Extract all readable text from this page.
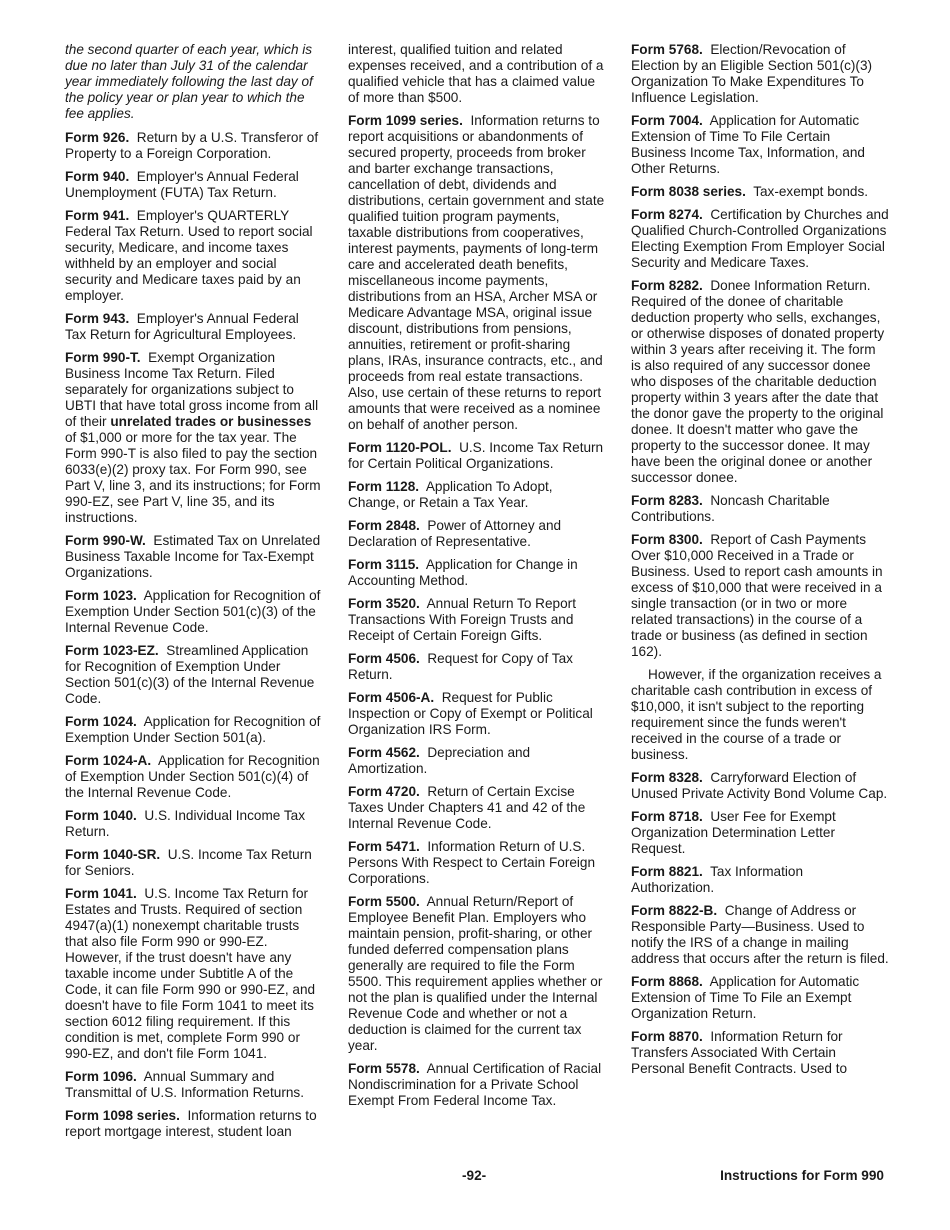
the second quarter of each year, which is due no later than July 31 of the calendar year immediately following the last day of the policy year or plan year to which the fee applies.

Form 926. Return by a U.S. Transferor of Property to a Foreign Corporation.

Form 940. Employer's Annual Federal Unemployment (FUTA) Tax Return.

Form 941. Employer's QUARTERLY Federal Tax Return. Used to report social security, Medicare, and income taxes withheld by an employer and social security and Medicare taxes paid by an employer.

Form 943. Employer's Annual Federal Tax Return for Agricultural Employees.

Form 990-T. Exempt Organization Business Income Tax Return. Filed separately for organizations subject to UBTI that have total gross income from all of their unrelated trades or businesses of $1,000 or more for the tax year. The Form 990-T is also filed to pay the section 6033(e)(2) proxy tax. For Form 990, see Part V, line 3, and its instructions; for Form 990-EZ, see Part V, line 35, and its instructions.

Form 990-W. Estimated Tax on Unrelated Business Taxable Income for Tax-Exempt Organizations.

Form 1023. Application for Recognition of Exemption Under Section 501(c)(3) of the Internal Revenue Code.

Form 1023-EZ. Streamlined Application for Recognition of Exemption Under Section 501(c)(3) of the Internal Revenue Code.

Form 1024. Application for Recognition of Exemption Under Section 501(a).

Form 1024-A. Application for Recognition of Exemption Under Section 501(c)(4) of the Internal Revenue Code.

Form 1040. U.S. Individual Income Tax Return.

Form 1040-SR. U.S. Income Tax Return for Seniors.

Form 1041. U.S. Income Tax Return for Estates and Trusts. Required of section 4947(a)(1) nonexempt charitable trusts that also file Form 990 or 990-EZ. However, if the trust doesn't have any taxable income under Subtitle A of the Code, it can file Form 990 or 990-EZ, and doesn't have to file Form 1041 to meet its section 6012 filing requirement. If this condition is met, complete Form 990 or 990-EZ, and don't file Form 1041.

Form 1096. Annual Summary and Transmittal of U.S. Information Returns.

Form 1098 series. Information returns to report mortgage interest, student loan

interest, qualified tuition and related expenses received, and a contribution of a qualified vehicle that has a claimed value of more than $500.

Form 1099 series. Information returns to report acquisitions or abandonments of secured property, proceeds from broker and barter exchange transactions, cancellation of debt, dividends and distributions, certain government and state qualified tuition program payments, taxable distributions from cooperatives, interest payments, payments of long-term care and accelerated death benefits, miscellaneous income payments, distributions from an HSA, Archer MSA or Medicare Advantage MSA, original issue discount, distributions from pensions, annuities, retirement or profit-sharing plans, IRAs, insurance contracts, etc., and proceeds from real estate transactions. Also, use certain of these returns to report amounts that were received as a nominee on behalf of another person.

Form 1120-POL. U.S. Income Tax Return for Certain Political Organizations.

Form 1128. Application To Adopt, Change, or Retain a Tax Year.

Form 2848. Power of Attorney and Declaration of Representative.

Form 3115. Application for Change in Accounting Method.

Form 3520. Annual Return To Report Transactions With Foreign Trusts and Receipt of Certain Foreign Gifts.

Form 4506. Request for Copy of Tax Return.

Form 4506-A. Request for Public Inspection or Copy of Exempt or Political Organization IRS Form.

Form 4562. Depreciation and Amortization.

Form 4720. Return of Certain Excise Taxes Under Chapters 41 and 42 of the Internal Revenue Code.

Form 5471. Information Return of U.S. Persons With Respect to Certain Foreign Corporations.

Form 5500. Annual Return/Report of Employee Benefit Plan. Employers who maintain pension, profit-sharing, or other funded deferred compensation plans generally are required to file the Form 5500. This requirement applies whether or not the plan is qualified under the Internal Revenue Code and whether or not a deduction is claimed for the current tax year.

Form 5578. Annual Certification of Racial Nondiscrimination for a Private School Exempt From Federal Income Tax.

Form 5768. Election/Revocation of Election by an Eligible Section 501(c)(3) Organization To Make Expenditures To Influence Legislation.

Form 7004. Application for Automatic Extension of Time To File Certain Business Income Tax, Information, and Other Returns.

Form 8038 series. Tax-exempt bonds.

Form 8274. Certification by Churches and Qualified Church-Controlled Organizations Electing Exemption From Employer Social Security and Medicare Taxes.

Form 8282. Donee Information Return. Required of the donee of charitable deduction property who sells, exchanges, or otherwise disposes of donated property within 3 years after receiving it. The form is also required of any successor donee who disposes of the charitable deduction property within 3 years after the date that the donor gave the property to the original donee. It doesn't matter who gave the property to the successor donee. It may have been the original donee or another successor donee.

Form 8283. Noncash Charitable Contributions.

Form 8300. Report of Cash Payments Over $10,000 Received in a Trade or Business. Used to report cash amounts in excess of $10,000 that were received in a single transaction (or in two or more related transactions) in the course of a trade or business (as defined in section 162).

However, if the organization receives a charitable cash contribution in excess of $10,000, it isn't subject to the reporting requirement since the funds weren't received in the course of a trade or business.

Form 8328. Carryforward Election of Unused Private Activity Bond Volume Cap.

Form 8718. User Fee for Exempt Organization Determination Letter Request.

Form 8821. Tax Information Authorization.

Form 8822-B. Change of Address or Responsible Party—Business. Used to notify the IRS of a change in mailing address that occurs after the return is filed.

Form 8868. Application for Automatic Extension of Time To File an Exempt Organization Return.

Form 8870. Information Return for Transfers Associated With Certain Personal Benefit Contracts. Used to

-92-	Instructions for Form 990
